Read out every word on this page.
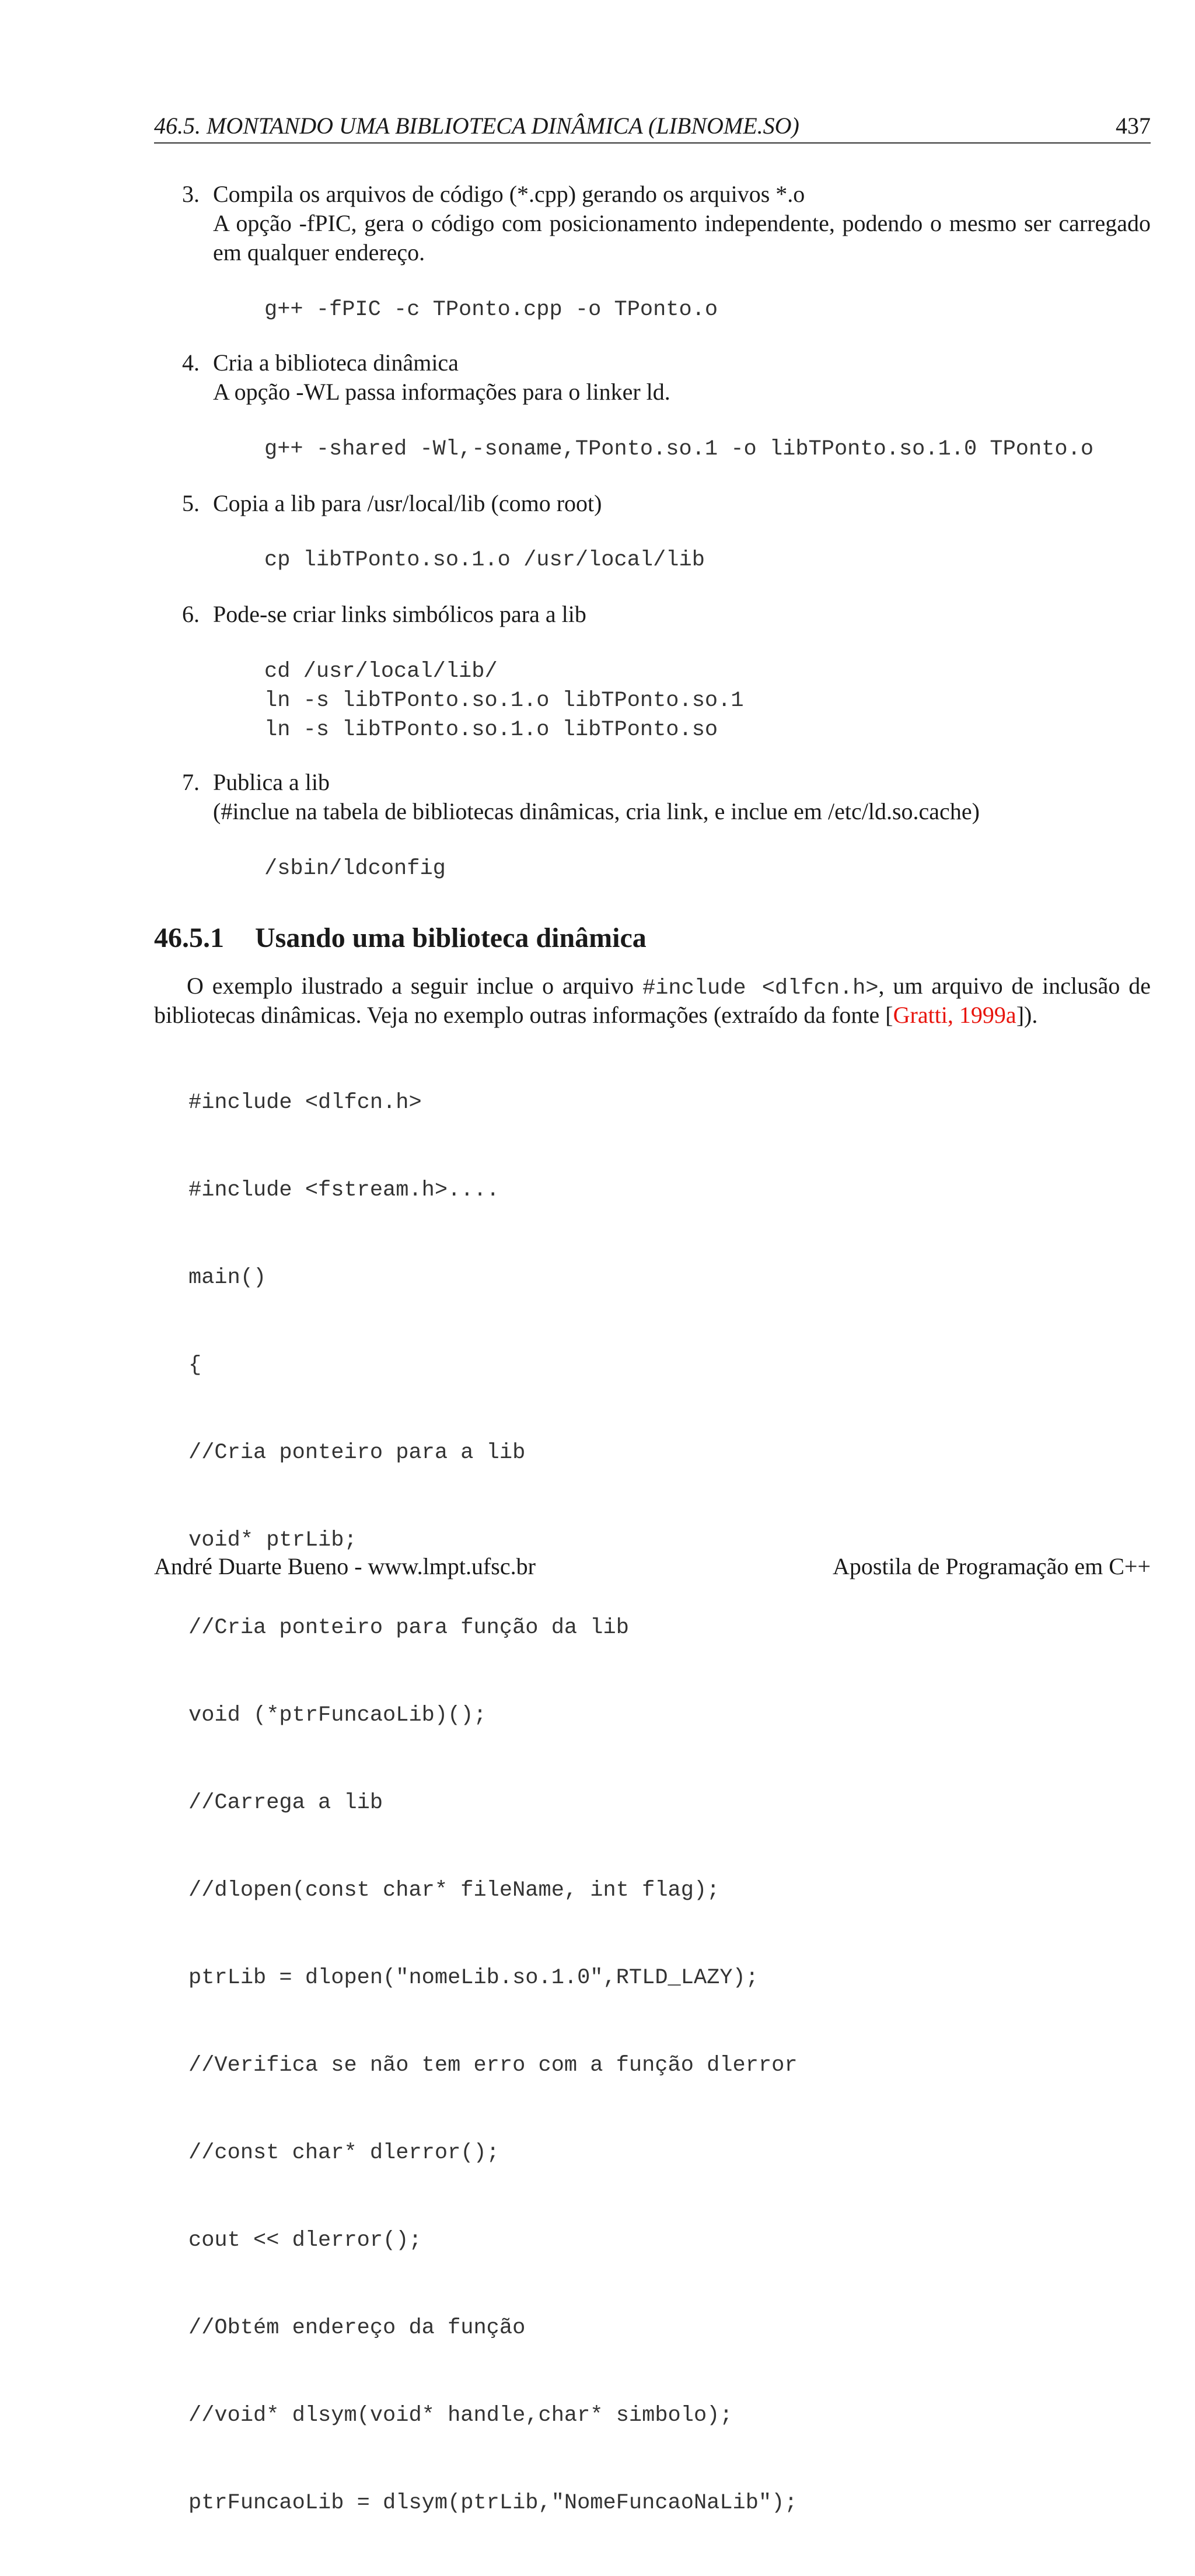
46.5. MONTANDO UMA BIBLIOTECA DINÂMICA (LIBNOME.SO)	437
3. Compila os arquivos de código (*.cpp) gerando os arquivos *.o
A opção -fPIC, gera o código com posicionamento independente, podendo o mesmo ser carregado
em qualquer endereço.
g++ -fPIC -c TPonto.cpp -o TPonto.o
4. Cria a biblioteca dinâmica
A opção -WL passa informações para o linker ld.
g++ -shared -Wl,-soname,TPonto.so.1 -o libTPonto.so.1.0 TPonto.o
5. Copia a lib para /usr/local/lib (como root)
cp libTPonto.so.1.o /usr/local/lib
6. Pode-se criar links simbólicos para a lib
cd /usr/local/lib/
ln -s libTPonto.so.1.o libTPonto.so.1
ln -s libTPonto.so.1.o libTPonto.so
7. Publica a lib
(#inclue na tabela de bibliotecas dinâmicas, cria link, e inclue em /etc/ld.so.cache)
/sbin/ldconfig
46.5.1 Usando uma biblioteca dinâmica
O exemplo ilustrado a seguir inclue o arquivo #include <dlfcn.h>, um arquivo de inclusão de
bibliotecas dinâmicas. Veja no exemplo outras informações (extraído da fonte [Gratti, 1999a]).

#include <dlfcn.h>

#include <fstream.h>....

main()

{

//Cria ponteiro para a lib

void* ptrLib;

//Cria ponteiro para função da lib

void (*ptrFuncaoLib)();

//Carrega a lib

//dlopen(const char* fileName, int flag);

ptrLib = dlopen("nomeLib.so.1.0",RTLD_LAZY);

//Verifica se não tem erro com a função dlerror

//const char* dlerror();

cout << dlerror();

//Obtém endereço da função

//void* dlsym(void* handle,char* simbolo);

ptrFuncaoLib = dlsym(ptrLib,"NomeFuncaoNaLib");

André Duarte Bueno - www.lmpt.ufsc.br	Apostila de Programação em C++
